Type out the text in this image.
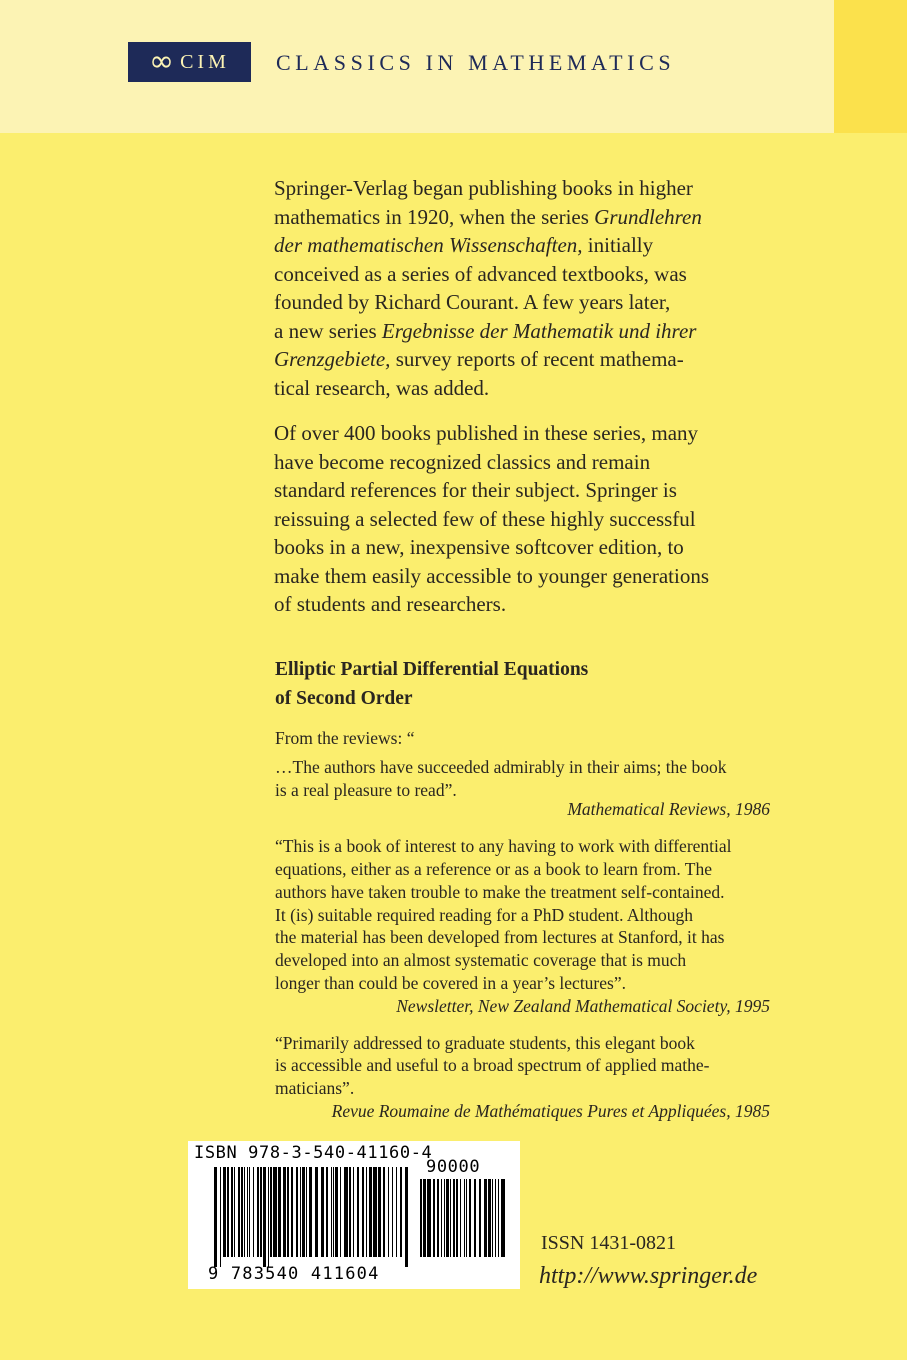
∞ CIM CLASSICS IN MATHEMATICS

Springer-Verlag began publishing books in higher
mathematics in 1920, when the series Grundlehren
der mathematischen Wissenschaften, initially
conceived as a series of advanced textbooks, was
founded by Richard Courant. A few years later,
a new series Ergebnisse der Mathematik und ihrer
Grenzgebiete, survey reports of recent mathema-
tical research, was added.

Of over 400 books published in these series, many
have become recognized classics and remain
standard references for their subject. Springer is
reissuing a selected few of these highly successful
books in a new, inexpensive softcover edition, to
make them easily accessible to younger generations
of students and researchers.

Elliptic Partial Differential Equations
of Second Order
From the reviews: “
…The authors have succeeded admirably in their aims; the book
is a real pleasure to read”.
Mathematical Reviews, 1986
“This is a book of interest to any having to work with differential
equations, either as a reference or as a book to learn from. The
authors have taken trouble to make the treatment self-contained.
It (is) suitable required reading for a PhD student. Although
the material has been developed from lectures at Stanford, it has
developed into an almost systematic coverage that is much
longer than could be covered in a year’s lectures”.
Newsletter, New Zealand Mathematical Society, 1995
“Primarily addressed to graduate students, this elegant book
is accessible and useful to a broad spectrum of applied mathe-
maticians”.
Revue Roumaine de Mathématiques Pures et Appliquées, 1985
ISBN 978-3-540-41160-4
90000
9 783540 411604
ISSN 1431-0821
http://www.springer.de
